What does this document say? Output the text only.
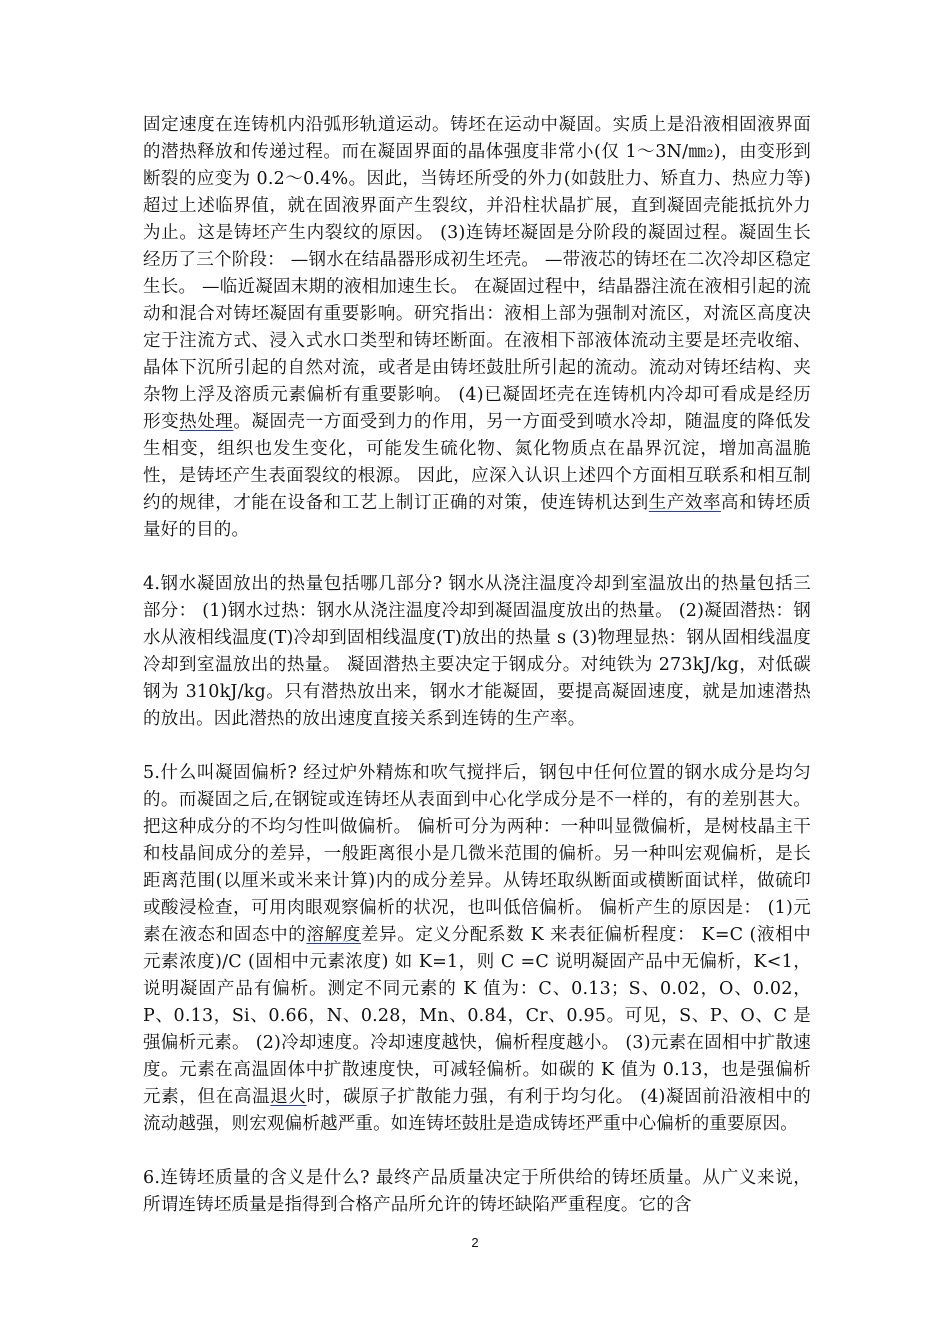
固定速度在连铸机内沿弧形轨道运动。铸坯在运动中凝固。实质上是沿液相固液界面的潜热释放和传递过程。而在凝固界面的晶体强度非常小(仅 1～3N/㎜₂)，由变形到断裂的应变为 0.2～0.4%。因此，当铸坯所受的外力(如鼓肚力、矫直力、热应力等)超过上述临界值，就在固液界面产生裂纹，并沿柱状晶扩展，直到凝固壳能抵抗外力为止。这是铸坯产生内裂纹的原因。 (3)连铸坯凝固是分阶段的凝固过程。凝固生长经历了三个阶段： —钢水在结晶器形成初生坯壳。 —带液芯的铸坯在二次冷却区稳定生长。 —临近凝固末期的液相加速生长。 在凝固过程中，结晶器注流在液相引起的流动和混合对铸坯凝固有重要影响。研究指出：液相上部为强制对流区，对流区高度决定于注流方式、浸入式水口类型和铸坯断面。在液相下部液体流动主要是坯壳收缩、晶体下沉所引起的自然对流，或者是由铸坯鼓肚所引起的流动。流动对铸坯结构、夹杂物上浮及溶质元素偏析有重要影响。 (4)已凝固坯壳在连铸机内冷却可看成是经历形变热处理。凝固壳一方面受到力的作用，另一方面受到喷水冷却，随温度的降低发生相变，组织也发生变化，可能发生硫化物、氮化物质点在晶界沉淀，增加高温脆性，是铸坯产生表面裂纹的根源。 因此，应深入认识上述四个方面相互联系和相互制约的规律，才能在设备和工艺上制订正确的对策，使连铸机达到生产效率高和铸坯质量好的目的。

4.钢水凝固放出的热量包括哪几部分? 钢水从浇注温度冷却到室温放出的热量包括三部分： (1)钢水过热：钢水从浇注温度冷却到凝固温度放出的热量。 (2)凝固潜热：钢水从液相线温度(T)冷却到固相线温度(T)放出的热量 s (3)物理显热：钢从固相线温度冷却到室温放出的热量。 凝固潜热主要决定于钢成分。对纯铁为 273kJ/kg，对低碳钢为 310kJ/kg。只有潜热放出来，钢水才能凝固，要提高凝固速度，就是加速潜热的放出。因此潜热的放出速度直接关系到连铸的生产率。

5.什么叫凝固偏析? 经过炉外精炼和吹气搅拌后，钢包中任何位置的钢水成分是均匀的。而凝固之后,在钢锭或连铸坯从表面到中心化学成分是不一样的，有的差别甚大。把这种成分的不均匀性叫做偏析。 偏析可分为两种：一种叫显微偏析，是树枝晶主干和枝晶间成分的差异，一般距离很小是几微米范围的偏析。另一种叫宏观偏析，是长距离范围(以厘米或米来计算)内的成分差异。从铸坯取纵断面或横断面试样，做硫印或酸浸检查，可用肉眼观察偏析的状况，也叫低倍偏析。 偏析产生的原因是： (1)元素在液态和固态中的溶解度差异。定义分配系数 K 来表征偏析程度： K=C (液相中元素浓度)/C (固相中元素浓度) 如 K=1，则 C =C 说明凝固产品中无偏析，K<1，说明凝固产品有偏析。测定不同元素的 K 值为：C、0.13；S、0.02，O、0.02，P、0.13，Si、0.66，N、0.28，Mn、0.84，Cr、0.95。可见，S、P、O、C 是强偏析元素。 (2)冷却速度。冷却速度越快，偏析程度越小。 (3)元素在固相中扩散速度。元素在高温固体中扩散速度快，可减轻偏析。如碳的 K 值为 0.13，也是强偏析元素，但在高温退火时，碳原子扩散能力强，有利于均匀化。 (4)凝固前沿液相中的流动越强，则宏观偏析越严重。如连铸坯鼓肚是造成铸坯严重中心偏析的重要原因。

6.连铸坯质量的含义是什么? 最终产品质量决定于所供给的铸坯质量。从广义来说，所谓连铸坯质量是指得到合格产品所允许的铸坯缺陷严重程度。它的含

2
